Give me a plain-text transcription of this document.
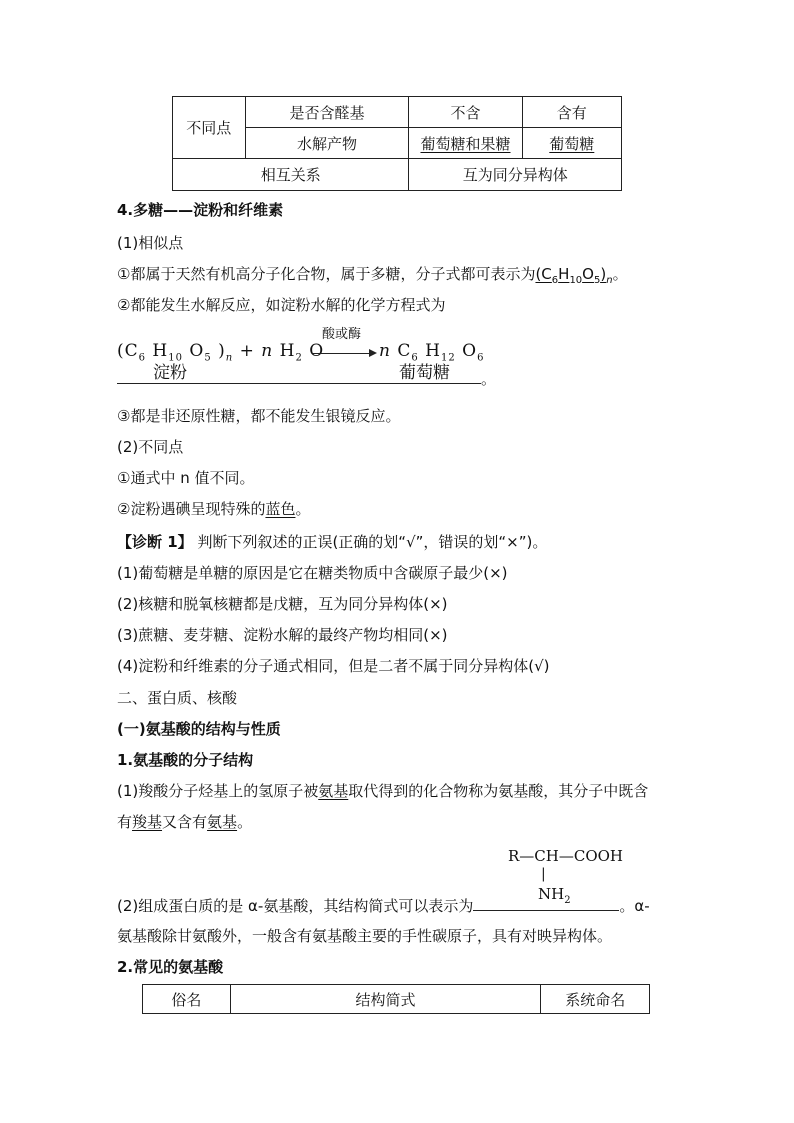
不同点	是否含醛基	不含	含有
	水解产物	葡萄糖和果糖	葡萄糖
相互关系		互为同分异构体	
4.多糖——淀粉和纤维素
(1)相似点
①都属于天然有机高分子化合物，属于多糖，分子式都可表示为$(C_6H_{10}O_5)_n$。
②都能发生水解反应，如淀粉水解的化学方程式为
($C_6$ $H_{10}$ $O_5$ )$_n + n$ $H_2$ O
酸或酶
n $C_6$ $H_{12}$ $O_6$
淀粉	葡萄糖 。
③都是非还原性糖，都不能发生银镜反应。
(2)不同点
①通式中 n 值不同。
②淀粉遇碘呈现特殊的蓝色。
【诊断 1】 判断下列叙述的正误(正确的划“√”，错误的划“×”)。
(1)葡萄糖是单糖的原因是它在糖类物质中含碳原子最少(×)
(2)核糖和脱氧核糖都是戊糖，互为同分异构体(×)
(3)蔗糖、麦芽糖、淀粉水解的最终产物均相同(×)
(4)淀粉和纤维素的分子通式相同，但是二者不属于同分异构体(√)
二、蛋白质、核酸
(一)氨基酸的结构与性质
1.氨基酸的分子结构
(1)羧酸分子烃基上的氢原子被氨基取代得到的化合物称为氨基酸，其分子中既含
有羧基又含有氨基。
R—CH—COOH
|
$NH_2$
(2)组成蛋白质的是 α-氨基酸，其结构简式可以表示为	。α-
氨基酸除甘氨酸外，一般含有氨基酸主要的手性碳原子，具有对映异构体。
2.常见的氨基酸
俗名	结构简式	系统命名
